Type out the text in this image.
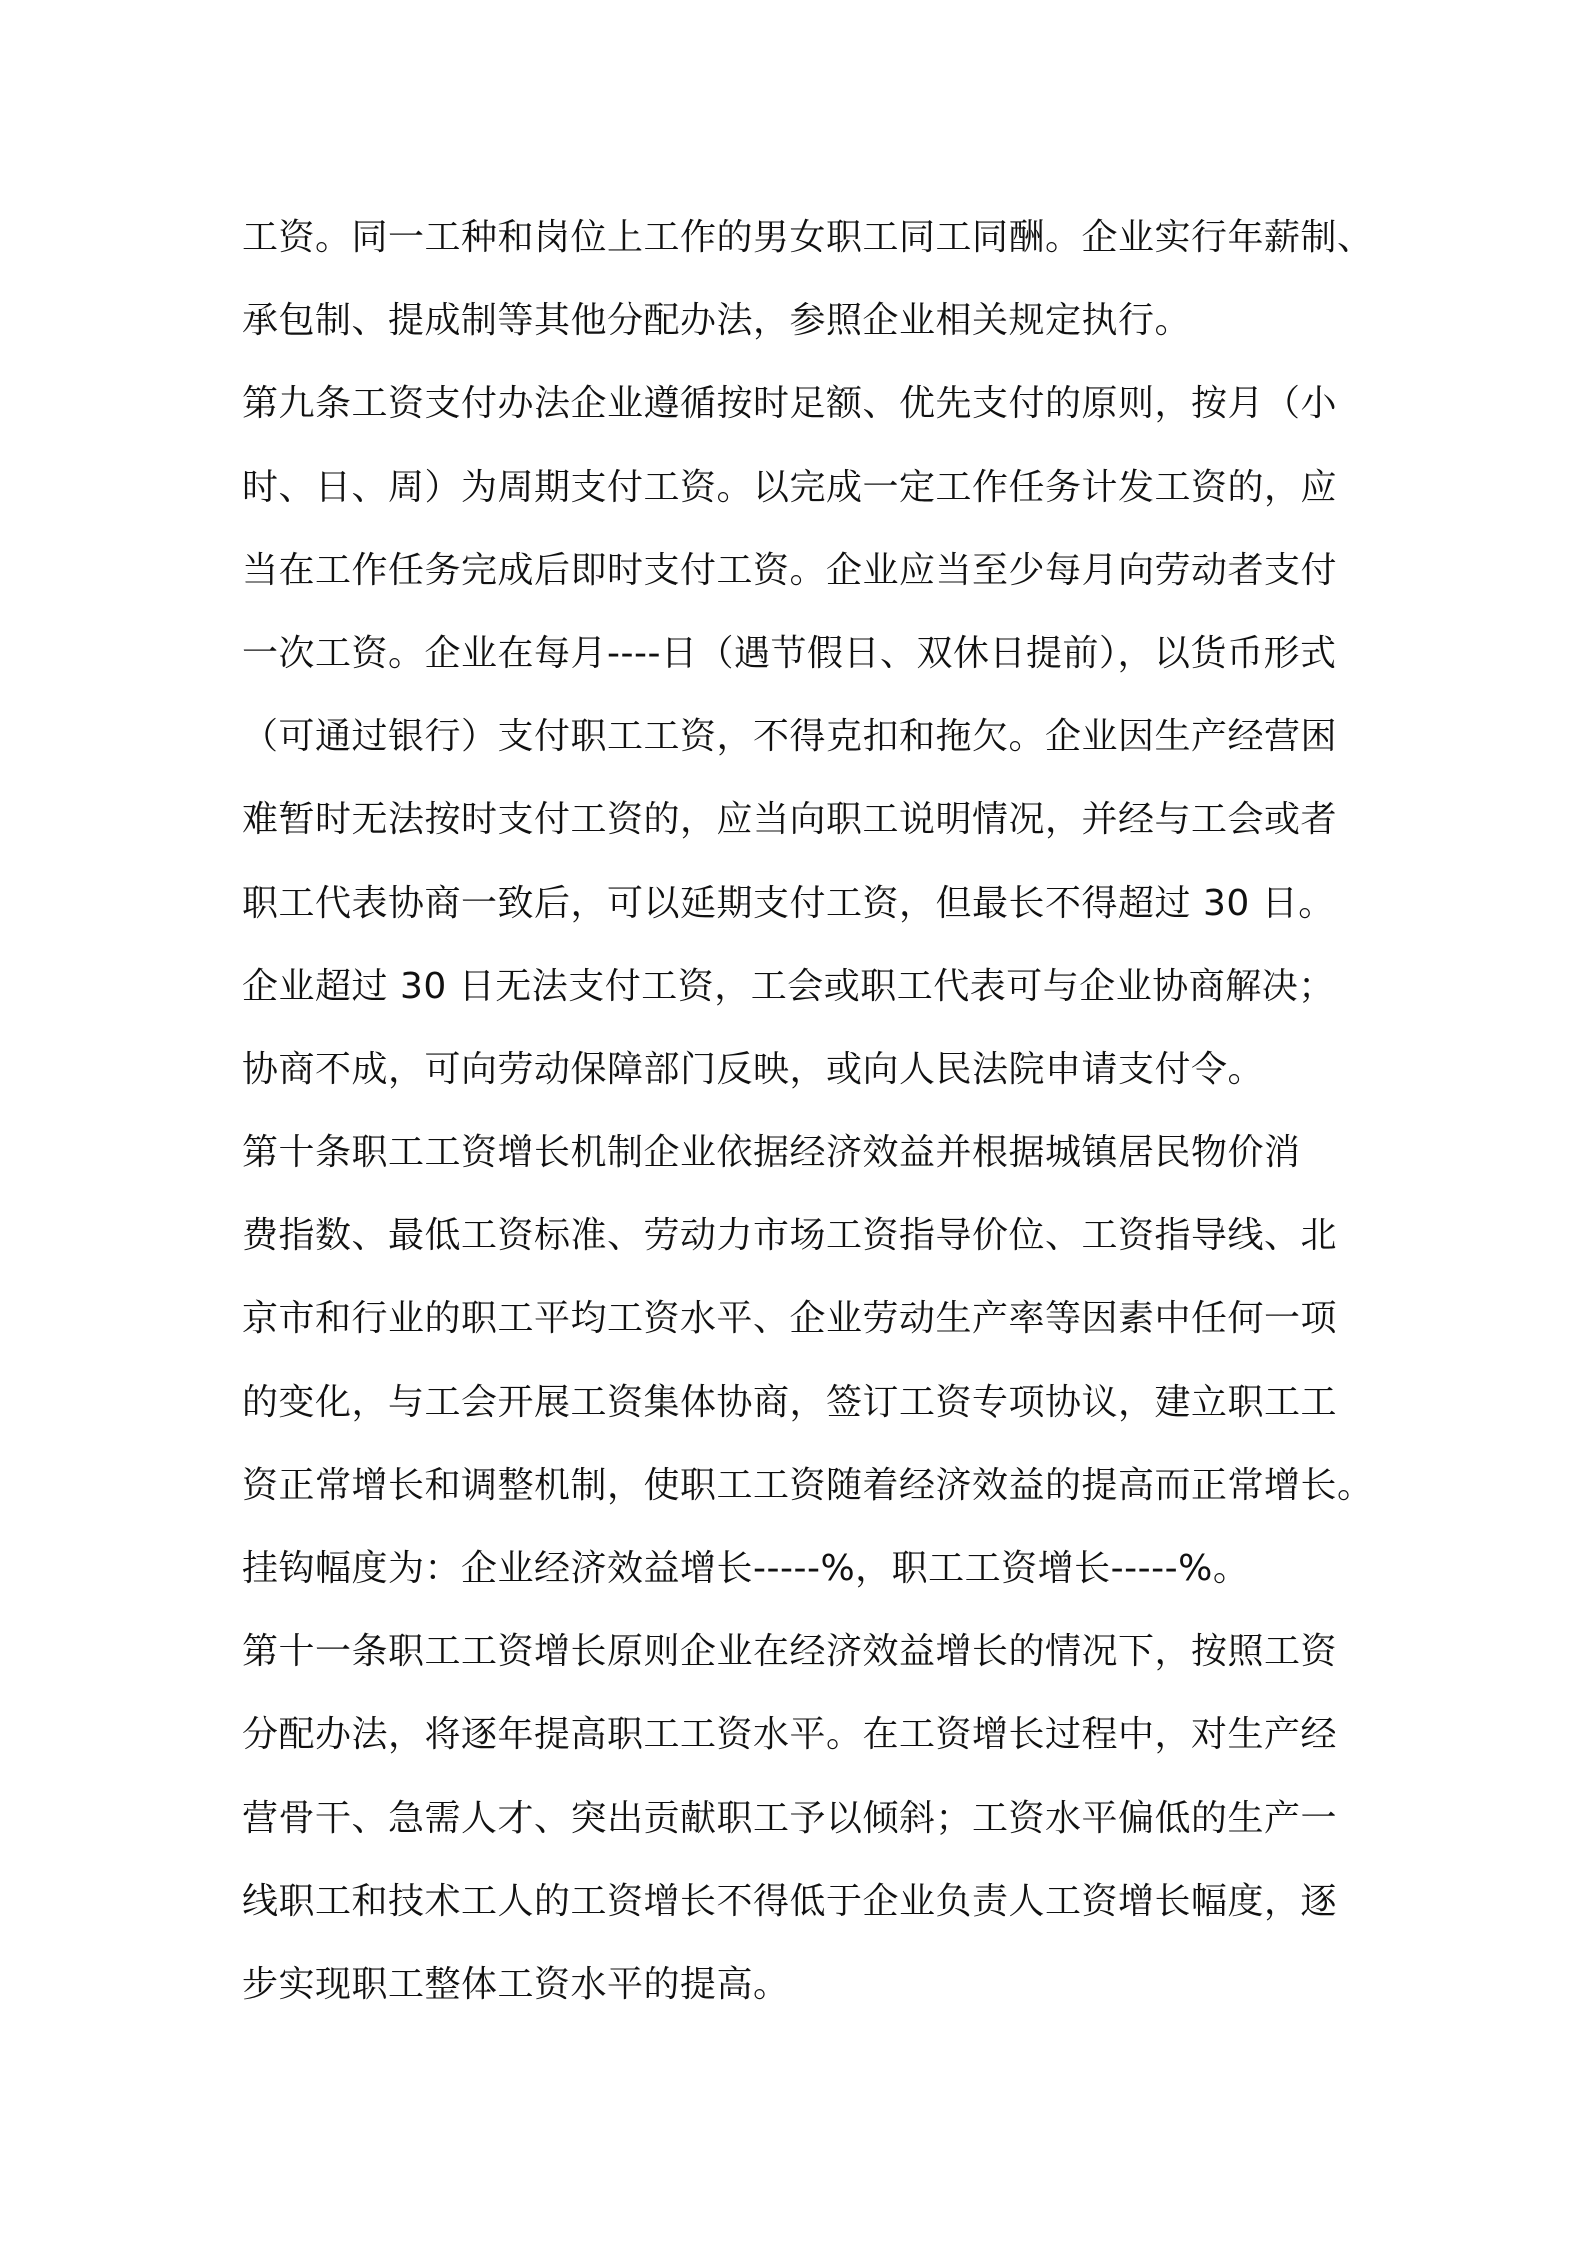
工资。同一工种和岗位上工作的男女职工同工同酬。企业实行年薪制、
承包制、提成制等其他分配办法，参照企业相关规定执行。
第九条工资支付办法企业遵循按时足额、优先支付的原则，按月（小
时、日、周）为周期支付工资。以完成一定工作任务计发工资的，应
当在工作任务完成后即时支付工资。企业应当至少每月向劳动者支付
一次工资。企业在每月----日（遇节假日、双休日提前），以货币形式
（可通过银行）支付职工工资，不得克扣和拖欠。企业因生产经营困
难暂时无法按时支付工资的，应当向职工说明情况，并经与工会或者
职工代表协商一致后，可以延期支付工资，但最长不得超过 30 日。
企业超过 30 日无法支付工资，工会或职工代表可与企业协商解决；
协商不成，可向劳动保障部门反映，或向人民法院申请支付令。
第十条职工工资增长机制企业依据经济效益并根据城镇居民物价消
费指数、最低工资标准、劳动力市场工资指导价位、工资指导线、北
京市和行业的职工平均工资水平、企业劳动生产率等因素中任何一项
的变化，与工会开展工资集体协商，签订工资专项协议，建立职工工
资正常增长和调整机制，使职工工资随着经济效益的提高而正常增长。
挂钩幅度为：企业经济效益增长-----%，职工工资增长-----%。
第十一条职工工资增长原则企业在经济效益增长的情况下，按照工资
分配办法，将逐年提高职工工资水平。在工资增长过程中，对生产经
营骨干、急需人才、突出贡献职工予以倾斜；工资水平偏低的生产一
线职工和技术工人的工资增长不得低于企业负责人工资增长幅度，逐
步实现职工整体工资水平的提高。
